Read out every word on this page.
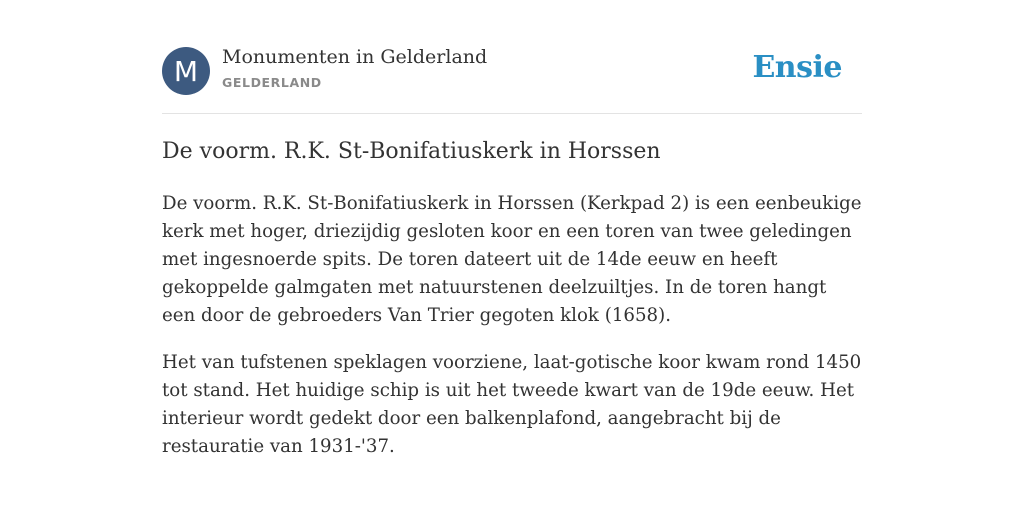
M	Monumenten in Gelderland
GELDERLAND	Ensie
De voorm. R.K. St-Bonifatiuskerk in Horssen

De voorm. R.K. St-Bonifatiuskerk in Horssen (Kerkpad 2) is een eenbeukige kerk met hoger, driezijdig gesloten koor en een toren van twee geledingen met ingesnoerde spits. De toren dateert uit de 14de eeuw en heeft gekoppelde galmgaten met natuurstenen deelzuiltjes. In de toren hangt een door de gebroeders Van Trier gegoten klok (1658).

Het van tufstenen speklagen voorziene, laat-gotische koor kwam rond 1450 tot stand. Het huidige schip is uit het tweede kwart van de 19de eeuw. Het interieur wordt gedekt door een balkenplafond, aangebracht bij de restauratie van 1931-'37.
